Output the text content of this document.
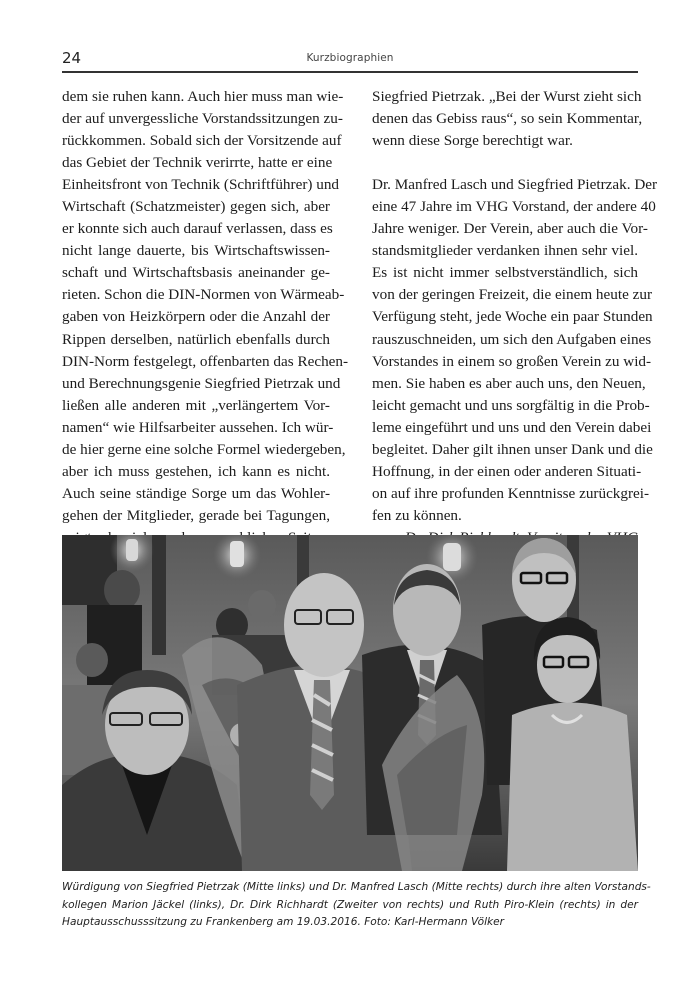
24	Kurzbiographien
dem sie ruhen kann. Auch hier muss man wie-
der auf unvergessliche Vorstandssitzungen zu-
rückkommen. Sobald sich der Vorsitzende auf
das Gebiet der Technik verirrte, hatte er eine
Einheitsfront von Technik (Schriftführer) und
Wirtschaft (Schatzmeister) gegen sich, aber
er konnte sich auch darauf verlassen, dass es
nicht lange dauerte, bis Wirtschaftswissen-
schaft und Wirtschaftsbasis aneinander ge-
rieten. Schon die DIN-Normen von Wärmeab-
gaben von Heizkörpern oder die Anzahl der
Rippen derselben, natürlich ebenfalls durch
DIN-Norm festgelegt, offenbarten das Rechen-
und Berechnungsgenie Siegfried Pietrzak und
ließen alle anderen mit „verlängertem Vor-
namen“ wie Hilfsarbeiter aussehen. Ich wür-
de hier gerne eine solche Formel wiedergeben,
aber ich muss gestehen, ich kann es nicht.
Auch seine ständige Sorge um das Wohler-
gehen der Mitglieder, gerade bei Tagungen,
Siegfried Pietrzak. „Bei der Wurst zieht sich
denen das Gebiss raus“, so sein Kommentar,
wenn diese Sorge berechtigt war.
Dr. Manfred Lasch und Siegfried Pietrzak. Der
eine 47 Jahre im VHG Vorstand, der andere 40
Jahre weniger. Der Verein, aber auch die Vor-
standsmitglieder verdanken ihnen sehr viel.
Es ist nicht immer selbstverständlich, sich
von der geringen Freizeit, die einem heute zur
Verfügung steht, jede Woche ein paar Stunden
rauszuschneiden, um sich den Aufgaben eines
Vorstandes in einem so großen Verein zu wid-
men. Sie haben es aber auch uns, den Neuen,
leicht gemacht und uns sorgfältig in die Prob-
leme eingeführt und uns und den Verein dabei
begleitet. Daher gilt ihnen unser Dank und die
Hoffnung, in der einen oder anderen Situati-
on auf ihre profunden Kenntnisse zurückgrei-
fen zu können.
Würdigung von Siegfried Pietrzak (Mitte links) und Dr. Manfred Lasch (Mitte rechts) durch ihre alten Vorstands-
kollegen Marion Jäckel (links), Dr. Dirk Richhardt (Zweiter von rechts) und Ruth Piro-Klein (rechts) in der
Hauptausschusssitzung zu Frankenberg am 19.03.2016. Foto: Karl-Hermann Völker
